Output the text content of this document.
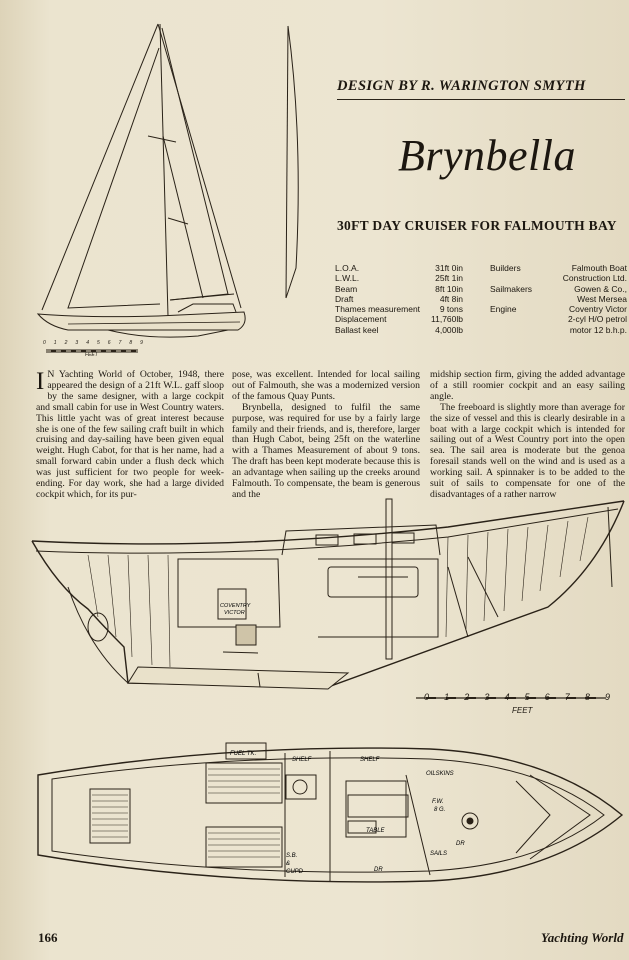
0 1 2 3 4 5 6 7 8 9
FEET
DESIGN BY R. WARINGTON SMYTH
Brynbella
30FT DAY CRUISER FOR FALMOUTH BAY
L.O.A.	31ft 0in
L.W.L.	25ft 1in
Beam	8ft 10in
Draft	4ft 8in
Thames measurement 9 tons
Displacement	11,760lb
Ballast keel	4,000lb
Builders	Falmouth Boat
Construction Ltd.
Sailmakers	Gowen & Co.,
West Mersea
Engine	Coventry Victor
2-cyl H/O petrol
motor 12 b.h.p.

I N Yachting World of October, 1948, there appeared the design of a 21ft W.L. gaff sloop by the same designer, with a large cockpit and small cabin for use in West Country waters. This little yacht was of great interest because she is one of the few sailing craft built in which cruising and day-sailing have been given equal weight. Hugh Cabot, for that is her name, had a small forward cabin under a flush deck which was just sufficient for two people for week-ending. For day work, she had a large divided cockpit which, for its pur-

pose, was excellent. Intended for local sailing out of Falmouth, she was a modernized version of the famous Quay Punts.

Brynbella, designed to fulfil the same purpose, was required for use by a fairly large family and their friends, and is, therefore, larger than Hugh Cabot, being 25ft on the waterline with a Thames Measurement of about 9 tons. The draft has been kept moderate because this is an advantage when sailing up the creeks around Falmouth. To compensate, the beam is generous and the

midship section firm, giving the added advantage of a still roomier cockpit and an easy sailing angle.

The freeboard is slightly more than average for the size of vessel and this is clearly desirable in a boat with a large cockpit which is intended for sailing out of a West Country port into the open sea. The sail area is moderate but the genoa foresail stands well on the wind and is used as a working sail. A spinnaker is to be added to the suit of sails to compensate for one of the disadvantages of a rather narrow

COVENTRY
VICTOR
0 1 2 3 4 5 6 7 8 9
FEET
FUEL TK.
SHELF	SHELF
OILSKINS
F.W.
8 G.
TABLE
DR
DR
S.B.
&
CUPD
SAILS
166	Yachting World
